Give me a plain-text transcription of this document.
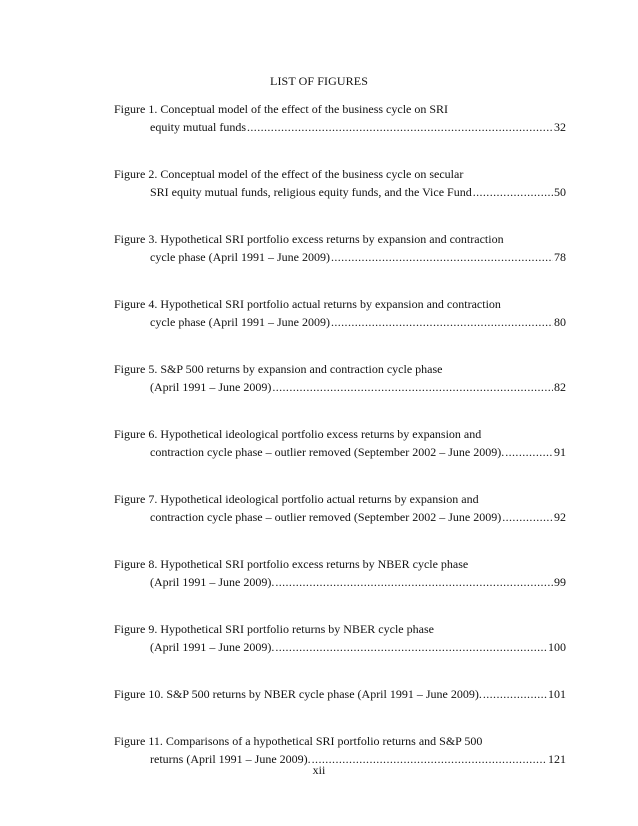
LIST OF FIGURES
Figure 1. Conceptual model of the effect of the business cycle on SRI
equity mutual funds .....	32
Figure 2. Conceptual model of the effect of the business cycle on secular
SRI equity mutual funds, religious equity funds, and the Vice Fund .....	50
Figure 3. Hypothetical SRI portfolio excess returns by expansion and contraction
cycle phase (April 1991 – June 2009) .....	78
Figure 4. Hypothetical SRI portfolio actual returns by expansion and contraction
cycle phase (April 1991 – June 2009) .....	80
Figure 5. S&P 500 returns by expansion and contraction cycle phase
(April 1991 – June 2009) .....	82
Figure 6. Hypothetical ideological portfolio excess returns by expansion and
contraction cycle phase – outlier removed (September 2002 – June 2009). .....	91
Figure 7. Hypothetical ideological portfolio actual returns by expansion and
contraction cycle phase – outlier removed (September 2002 – June 2009) .....	92
Figure 8. Hypothetical SRI portfolio excess returns by NBER cycle phase
(April 1991 – June 2009). .....	99
Figure 9. Hypothetical SRI portfolio returns by NBER cycle phase
(April 1991 – June 2009). .....	100
Figure 10. S&P 500 returns by NBER cycle phase (April 1991 – June 2009). .....	101
Figure 11. Comparisons of a hypothetical SRI portfolio returns and S&P 500
returns (April 1991 – June 2009). .....	121
xii
